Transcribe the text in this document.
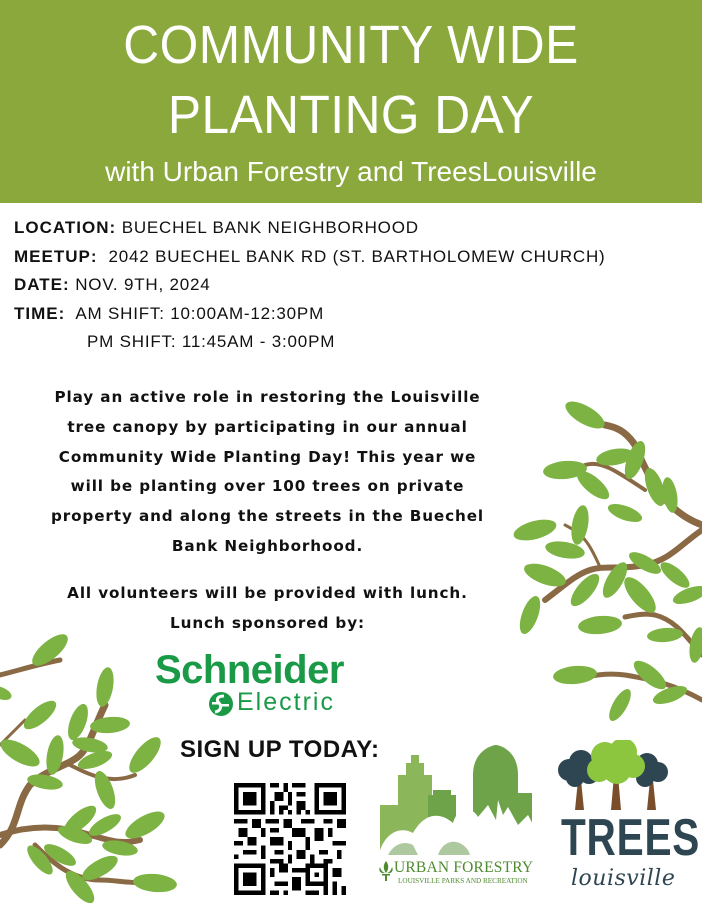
COMMUNITY WIDE
PLANTING DAY
with Urban Forestry and TreesLouisville
LOCATION: BUECHEL BANK NEIGHBORHOOD
MEETUP: 2042 BUECHEL BANK RD (ST. BARTHOLOMEW CHURCH)
DATE: NOV. 9TH, 2024
TIME: AM SHIFT: 10:00AM-12:30PM
PM SHIFT: 11:45AM - 3:00PM
Play an active role in restoring the Louisville
tree canopy by participating in our annual
Community Wide Planting Day! This year we
will be planting over 100 trees on private
property and along the streets in the Buechel
Bank Neighborhood.
All volunteers will be provided with lunch.
Lunch sponsored by:
Schneider
Electric
SIGN UP TODAY:
URBAN FORESTRY
LOUISVILLE PARKS AND RECREATION
TREES
louisville
